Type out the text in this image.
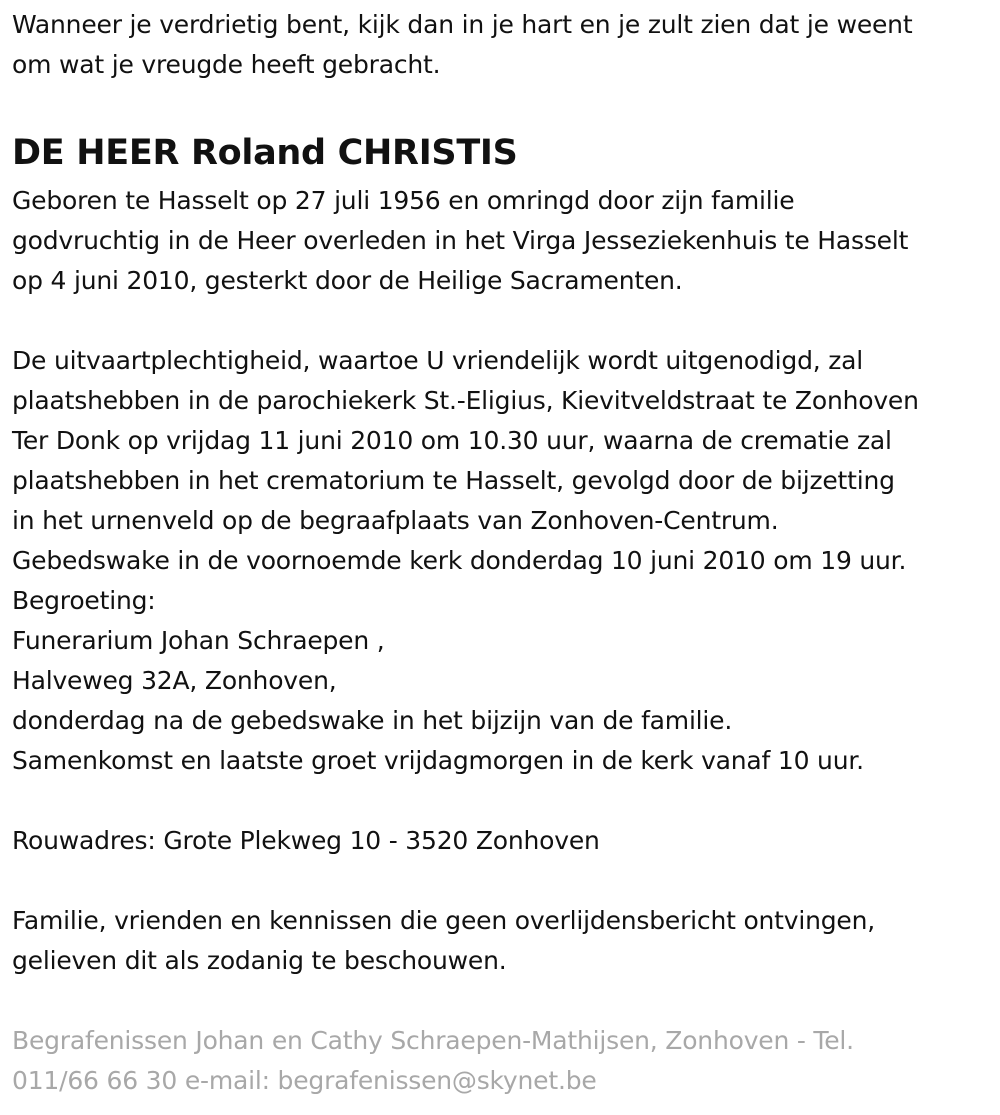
Wanneer je verdrietig bent, kijk dan in je hart en je zult zien dat je weent
om wat je vreugde heeft gebracht.
DE HEER Roland CHRISTIS
Geboren te Hasselt op 27 juli 1956 en omringd door zijn familie
godvruchtig in de Heer overleden in het Virga Jesseziekenhuis te Hasselt
op 4 juni 2010, gesterkt door de Heilige Sacramenten.
De uitvaartplechtigheid, waartoe U vriendelijk wordt uitgenodigd, zal
plaatshebben in de parochiekerk St.-Eligius, Kievitveldstraat te Zonhoven
Ter Donk op vrijdag 11 juni 2010 om 10.30 uur, waarna de crematie zal
plaatshebben in het crematorium te Hasselt, gevolgd door de bijzetting
in het urnenveld op de begraafplaats van Zonhoven-Centrum.
Gebedswake in de voornoemde kerk donderdag 10 juni 2010 om 19 uur.
Begroeting:
Funerarium Johan Schraepen ,
Halveweg 32A, Zonhoven,
donderdag na de gebedswake in het bijzijn van de familie.
Samenkomst en laatste groet vrijdagmorgen in de kerk vanaf 10 uur.
Rouwadres: Grote Plekweg 10 - 3520 Zonhoven
Familie, vrienden en kennissen die geen overlijdensbericht ontvingen,
gelieven dit als zodanig te beschouwen.
Begrafenissen Johan en Cathy Schraepen-Mathijsen, Zonhoven - Tel.
011/66 66 30 e-mail: begrafenissen@skynet.be
